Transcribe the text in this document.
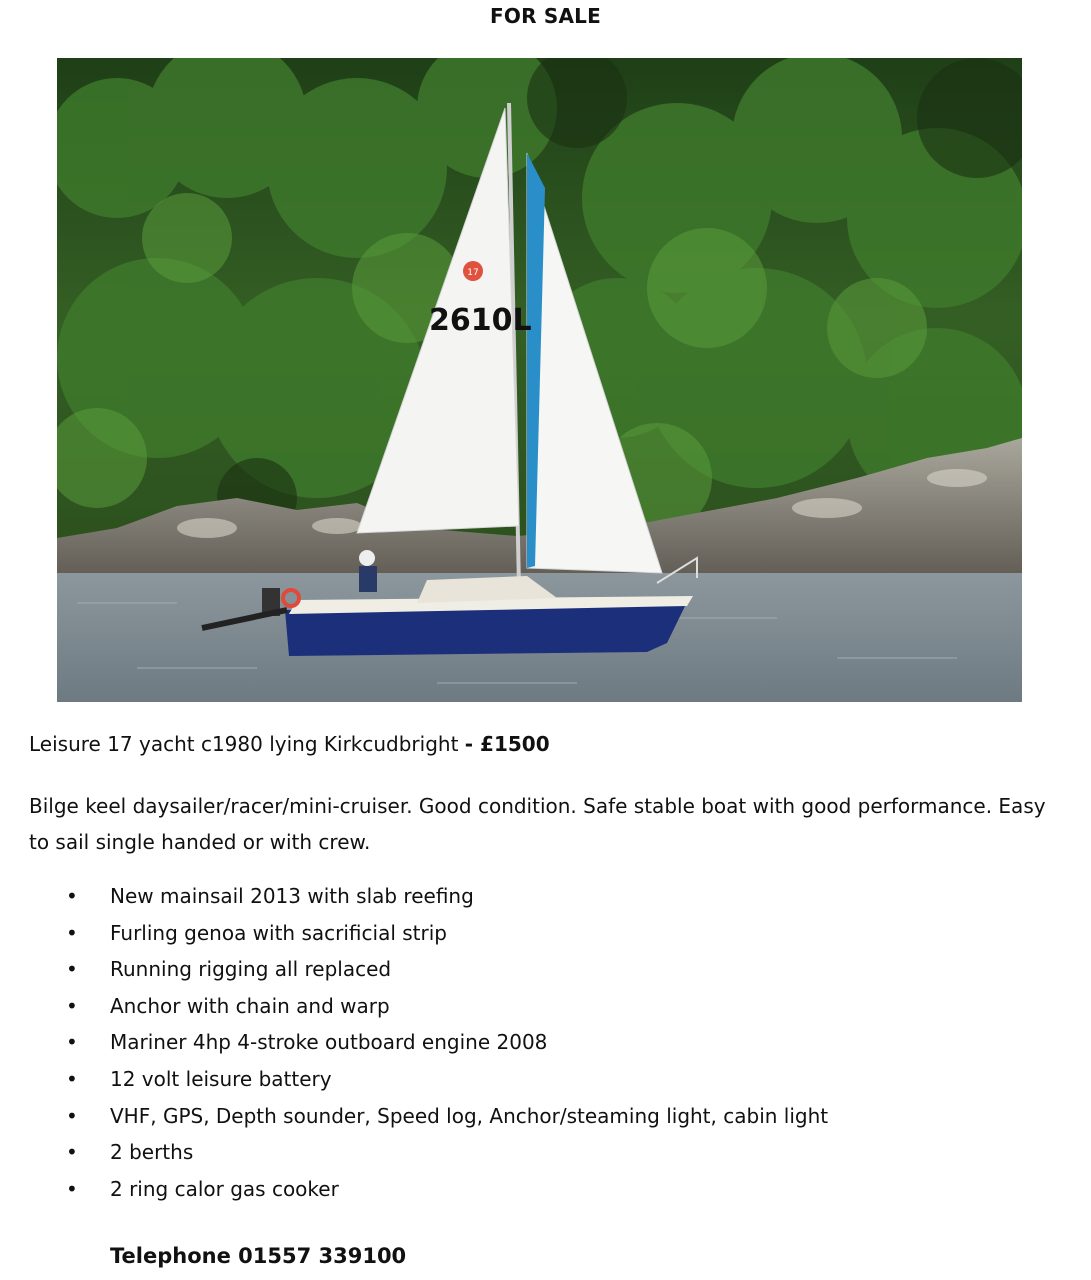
FOR SALE
17
2610L
Leisure 17 yacht c1980 lying Kirkcudbright - £1500
Bilge keel daysailer/racer/mini-cruiser. Good condition. Safe stable boat with good performance. Easy to sail single handed or with crew.
• New mainsail 2013 with slab reefing
• Furling genoa with sacrificial strip
• Running rigging all replaced
• Anchor with chain and warp
• Mariner 4hp 4-stroke outboard engine 2008
• 12 volt leisure battery
• VHF, GPS, Depth sounder, Speed log, Anchor/steaming light, cabin light
• 2 berths
• 2 ring calor gas cooker
Telephone 01557 339100
